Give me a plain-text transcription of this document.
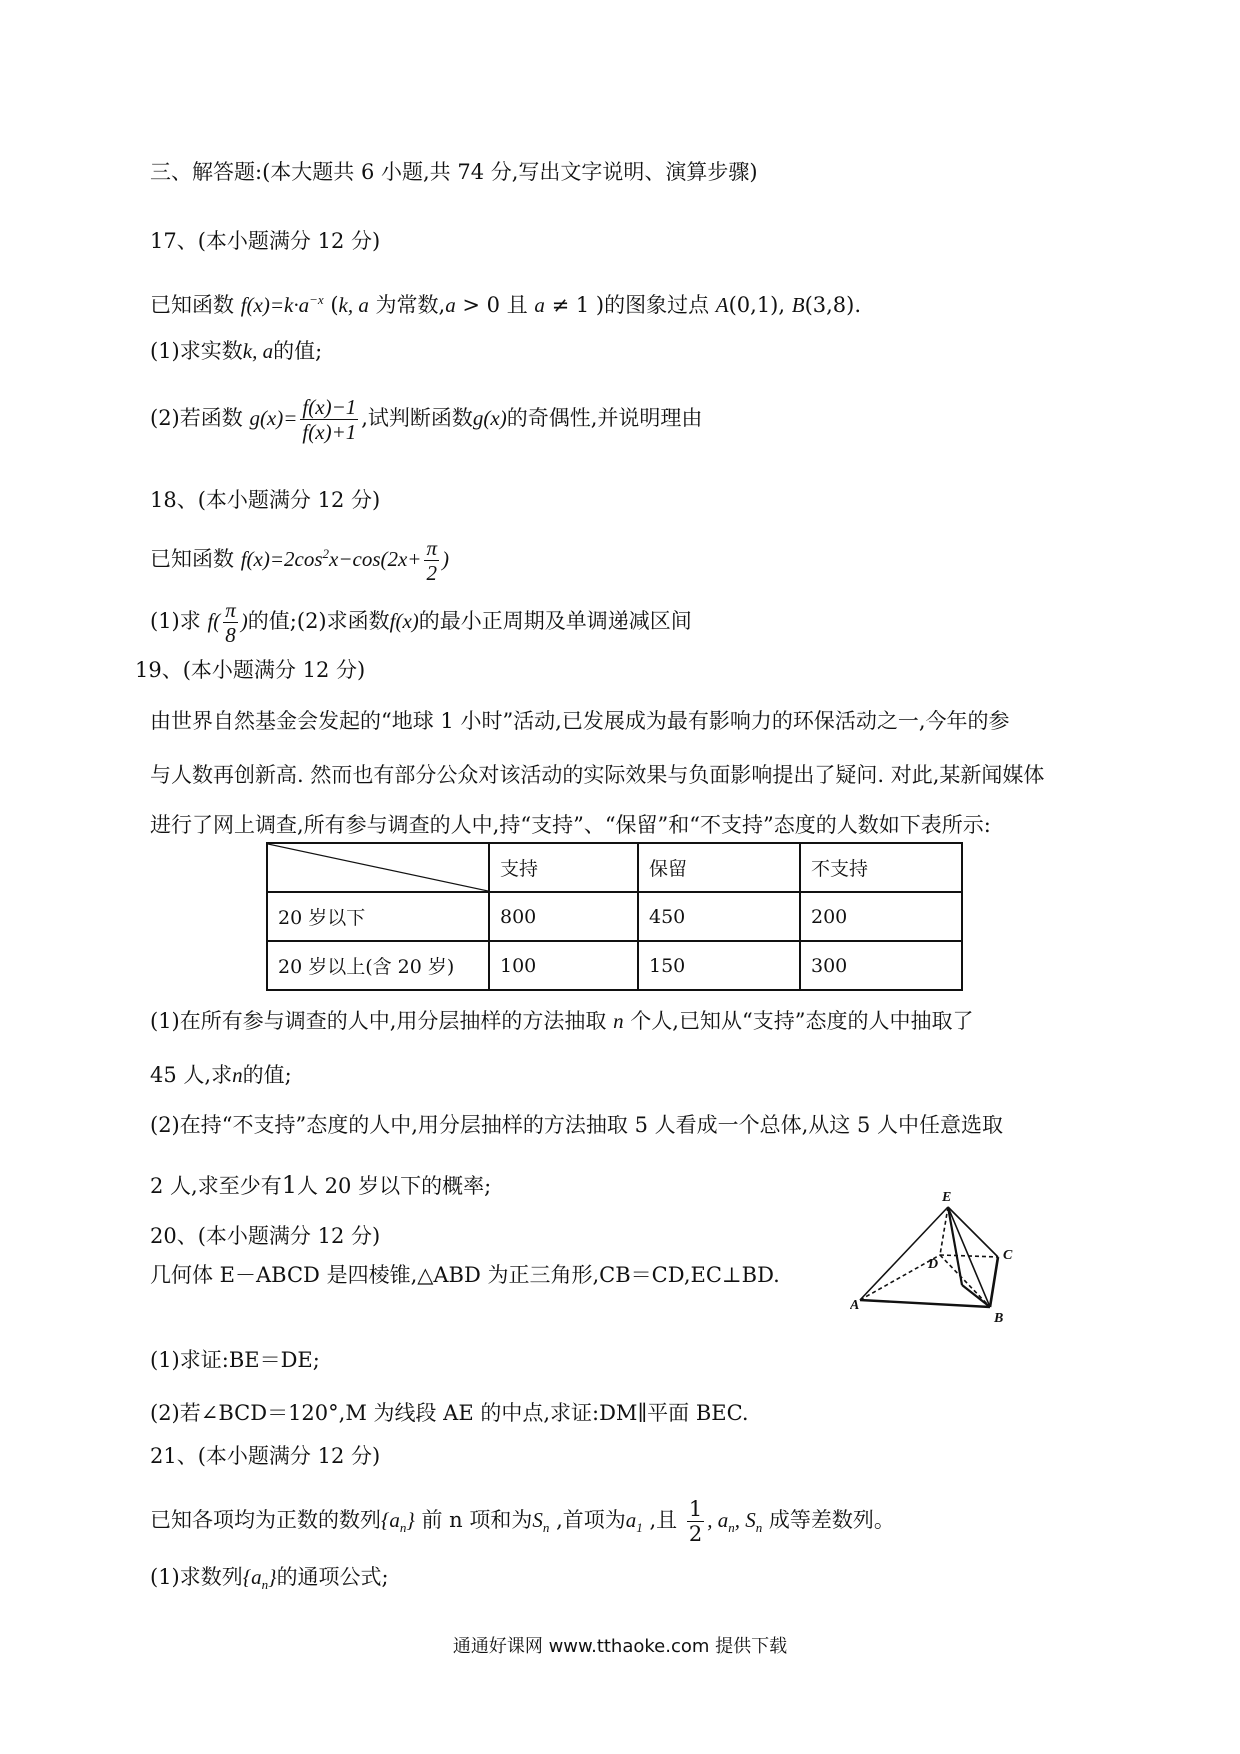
三、解答题:(本大题共 6 小题,共 74 分,写出文字说明、演算步骤)
17、(本小题满分 12 分)
已知函数 $f(x)=k\cdot a^{-x}$ (k, a 为常数,a > 0 且 a ≠ 1 )的图象过点 A(0,1), B(3,8).
(1)求实数k, a的值;
(2)若函数 $g(x)= \frac{f(x)-1}{f(x)+1}$ ,试判断函数g(x)的奇偶性,并说明理由
18、(本小题满分 12 分)
已知函数 $f(x)=2\cos^2x-\cos(2x+ \frac{\pi}{2}$ )
(1)求 $f( \frac{\pi}{8}$ )的值;(2)求函数f(x)的最小正周期及单调递减区间
19、(本小题满分 12 分)
由世界自然基金会发起的“地球 1 小时”活动,已发展成为最有影响力的环保活动之一,今年的参
与人数再创新高. 然而也有部分公众对该活动的实际效果与负面影响提出了疑问. 对此,某新闻媒体
进行了网上调查,所有参与调查的人中,持“支持”、“保留”和“不支持”态度的人数如下表所示:
	支持	保留	不支持
20 岁以下	800	450	200
20 岁以上(含 20 岁)	100	150	300
(1)在所有参与调查的人中,用分层抽样的方法抽取 n 个人,已知从“支持”态度的人中抽取了
45 人,求n的值;
(2)在持“不支持”态度的人中,用分层抽样的方法抽取 5 人看成一个总体,从这 5 人中任意选取
2 人,求至少有1人 20 岁以下的概率;
20、(本小题满分 12 分)
几何体 E－ABCD 是四棱锥,△ABD 为正三角形,CB＝CD,EC⊥BD.
(1)求证:BE＝DE;
(2)若∠BCD＝120°,M 为线段 AE 的中点,求证:DM∥平面 BEC.
E
C
D
A
B
21、(本小题满分 12 分)
已知各项均为正数的数列$\{a_n\}$ 前 n 项和为$S_n$ ,首项为$a_1$ ,且 $\frac{1}{2}$ , $a_n$, $S_n$ 成等差数列。
(1)求数列$\{a_n\}$的通项公式;
通通好课网 www.tthaoke.com 提供下载
